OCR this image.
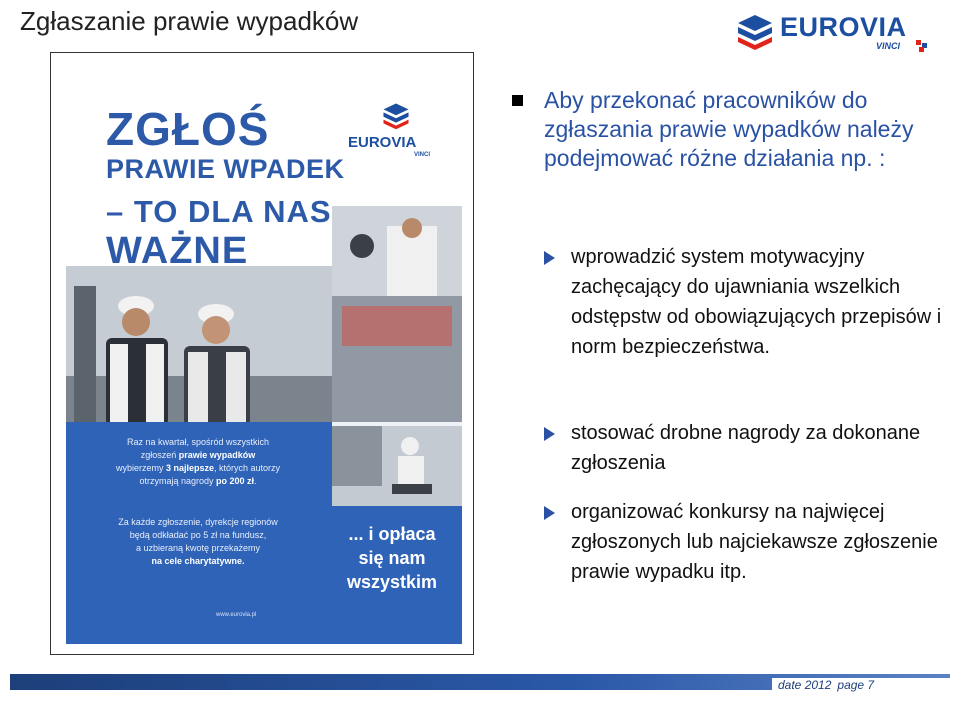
Zgłaszanie prawie wypadków	EUROVIA
VINCI
EUROVIA
VINCI
ZGŁOŚ
PRAWIE WPADEK
– TO DLA NAS
WAŻNE
Raz na kwartał, spośród wszystkich
zgłoszeń prawie wypadków
wybierzemy 3 najlepsze, których autorzy
otrzymają nagrody po 200 zł.
Za każde zgłoszenie, dyrekcje regionów
będą odkładać po 5 zł na fundusz,
a uzbieraną kwotę przekażemy
na cele charytatywne.
www.eurovia.pl
... i opłaca
się nam
wszystkim
Aby przekonać pracowników do zgłaszania prawie wypadków należy podejmować różne działania np. :
wprowadzić system motywacyjny zachęcający do ujawniania wszelkich odstępstw od obowiązujących przepisów i norm bezpieczeństwa.
stosować drobne nagrody za dokonane zgłoszenia
organizować konkursy na najwięcej zgłoszonych lub najciekawsze zgłoszenie prawie wypadku itp.
date 2012 page 7
